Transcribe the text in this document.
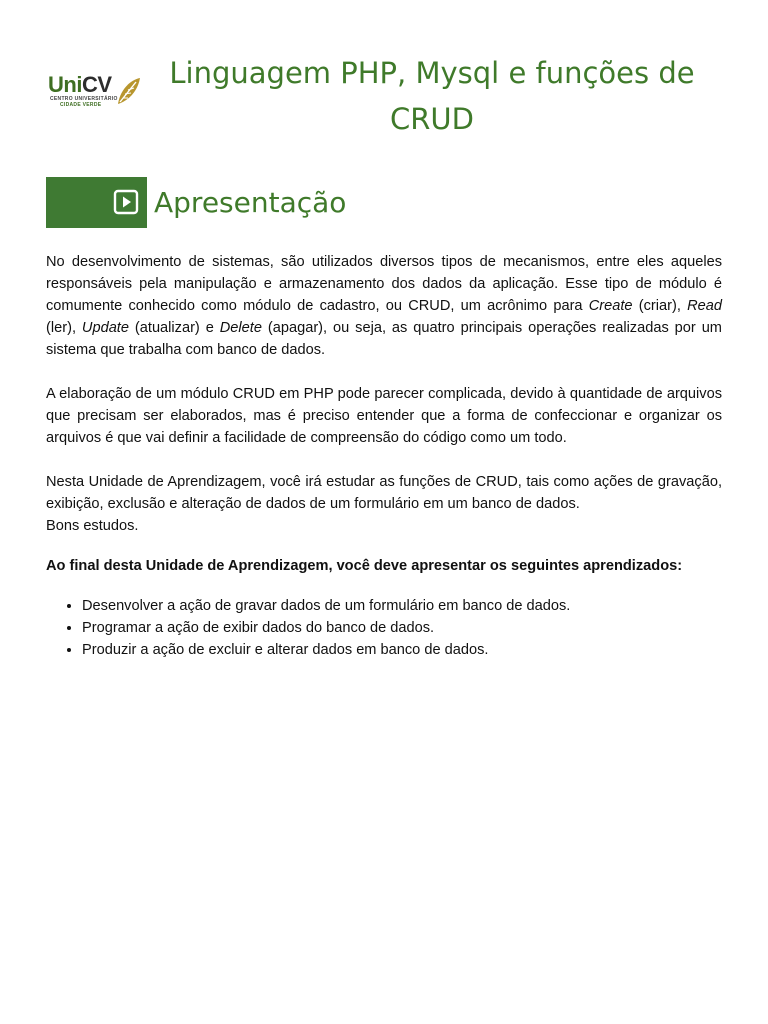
UniCV
CENTRO UNIVERSITÁRIO
CIDADE VERDE
Linguagem PHP, Mysql e funções de CRUD
Apresentação

No desenvolvimento de sistemas, são utilizados diversos tipos de mecanismos, entre eles aqueles responsáveis pela manipulação e armazenamento dos dados da aplicação. Esse tipo de módulo é comumente conhecido como módulo de cadastro, ou CRUD, um acrônimo para Create (criar), Read (ler), Update (atualizar) e Delete (apagar), ou seja, as quatro principais operações realizadas por um sistema que trabalha com banco de dados.

A elaboração de um módulo CRUD em PHP pode parecer complicada, devido à quantidade de arquivos que precisam ser elaborados, mas é preciso entender que a forma de confeccionar e organizar os arquivos é que vai definir a facilidade de compreensão do código como um todo.

Nesta Unidade de Aprendizagem, você irá estudar as funções de CRUD, tais como ações de gravação, exibição, exclusão e alteração de dados de um formulário em um banco de dados.

Bons estudos.

Ao final desta Unidade de Aprendizagem, você deve apresentar os seguintes aprendizados:

• Desenvolver a ação de gravar dados de um formulário em banco de dados.
• Programar a ação de exibir dados do banco de dados.
• Produzir a ação de excluir e alterar dados em banco de dados.
